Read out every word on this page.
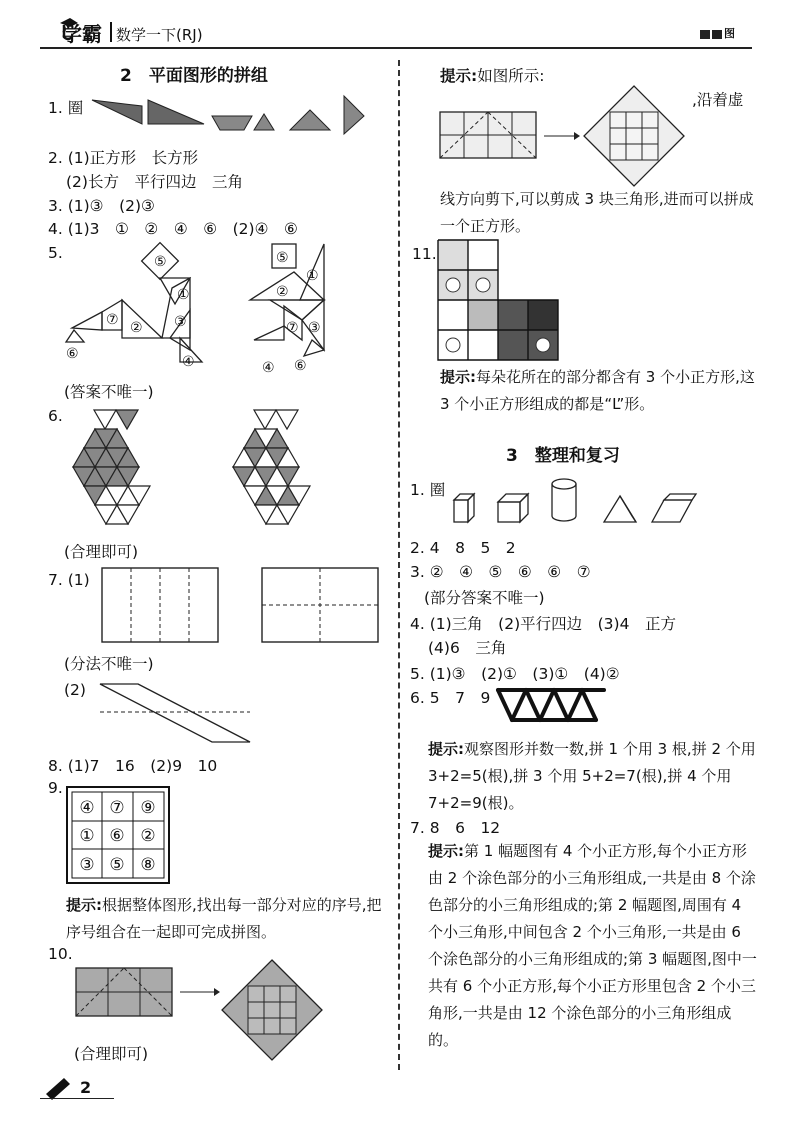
学霸 数学一下(RJ)	图
2　平面图形的拼组
1. 圈
2. (1)正方形　长方形
(2)长方　平行四边　三角
3. (1)③　(2)③
4. (1)3　①　②　④　⑥　(2)④　⑥
5.	⑤
①
②
⑦	③
⑥	④
⑤
②
①
⑦ ③
④ ⑥
(答案不唯一)
6.
(合理即可)
7. (1)
(分法不唯一)
(2)
8. (1)7　16　(2)9　10
9.
④ ⑦ ⑨
① ⑥ ②
③ ⑤ ⑧
提示:根据整体图形,找出每一部分对应的序号,把序号组合在一起即可完成拼图。
10.
(合理即可)
2
提示:如图所示:
,沿着虚
线方向剪下,可以剪成 3 块三角形,进而可以拼成一个正方形。
11.
提示:每朵花所在的部分都含有 3 个小正方形,这 3 个小正方形组成的都是“L”形。
3　整理和复习
1. 圈
2. 4　8　5　2
3. ②　④　⑤　⑥　⑥　⑦
(部分答案不唯一)
4. (1)三角　(2)平行四边　(3)4　正方
(4)6　三角
5. (1)③　(2)①　(3)①　(4)②
6. 5　7　9
提示:观察图形并数一数,拼 1 个用 3 根,拼 2 个用 3+2=5(根),拼 3 个用 5+2=7(根),拼 4 个用 7+2=9(根)。
7. 8　6　12
提示:第 1 幅题图有 4 个小正方形,每个小正方形由 2 个涂色部分的小三角形组成,一共是由 8 个涂色部分的小三角形组成的;第 2 幅题图,周围有 4 个小三角形,中间包含 2 个小三角形,一共是由 6 个涂色部分的小三角形组成的;第 3 幅题图,图中一共有 6 个小正方形,每个小正方形里包含 2 个小三角形,一共是由 12 个涂色部分的小三角形组成的。
